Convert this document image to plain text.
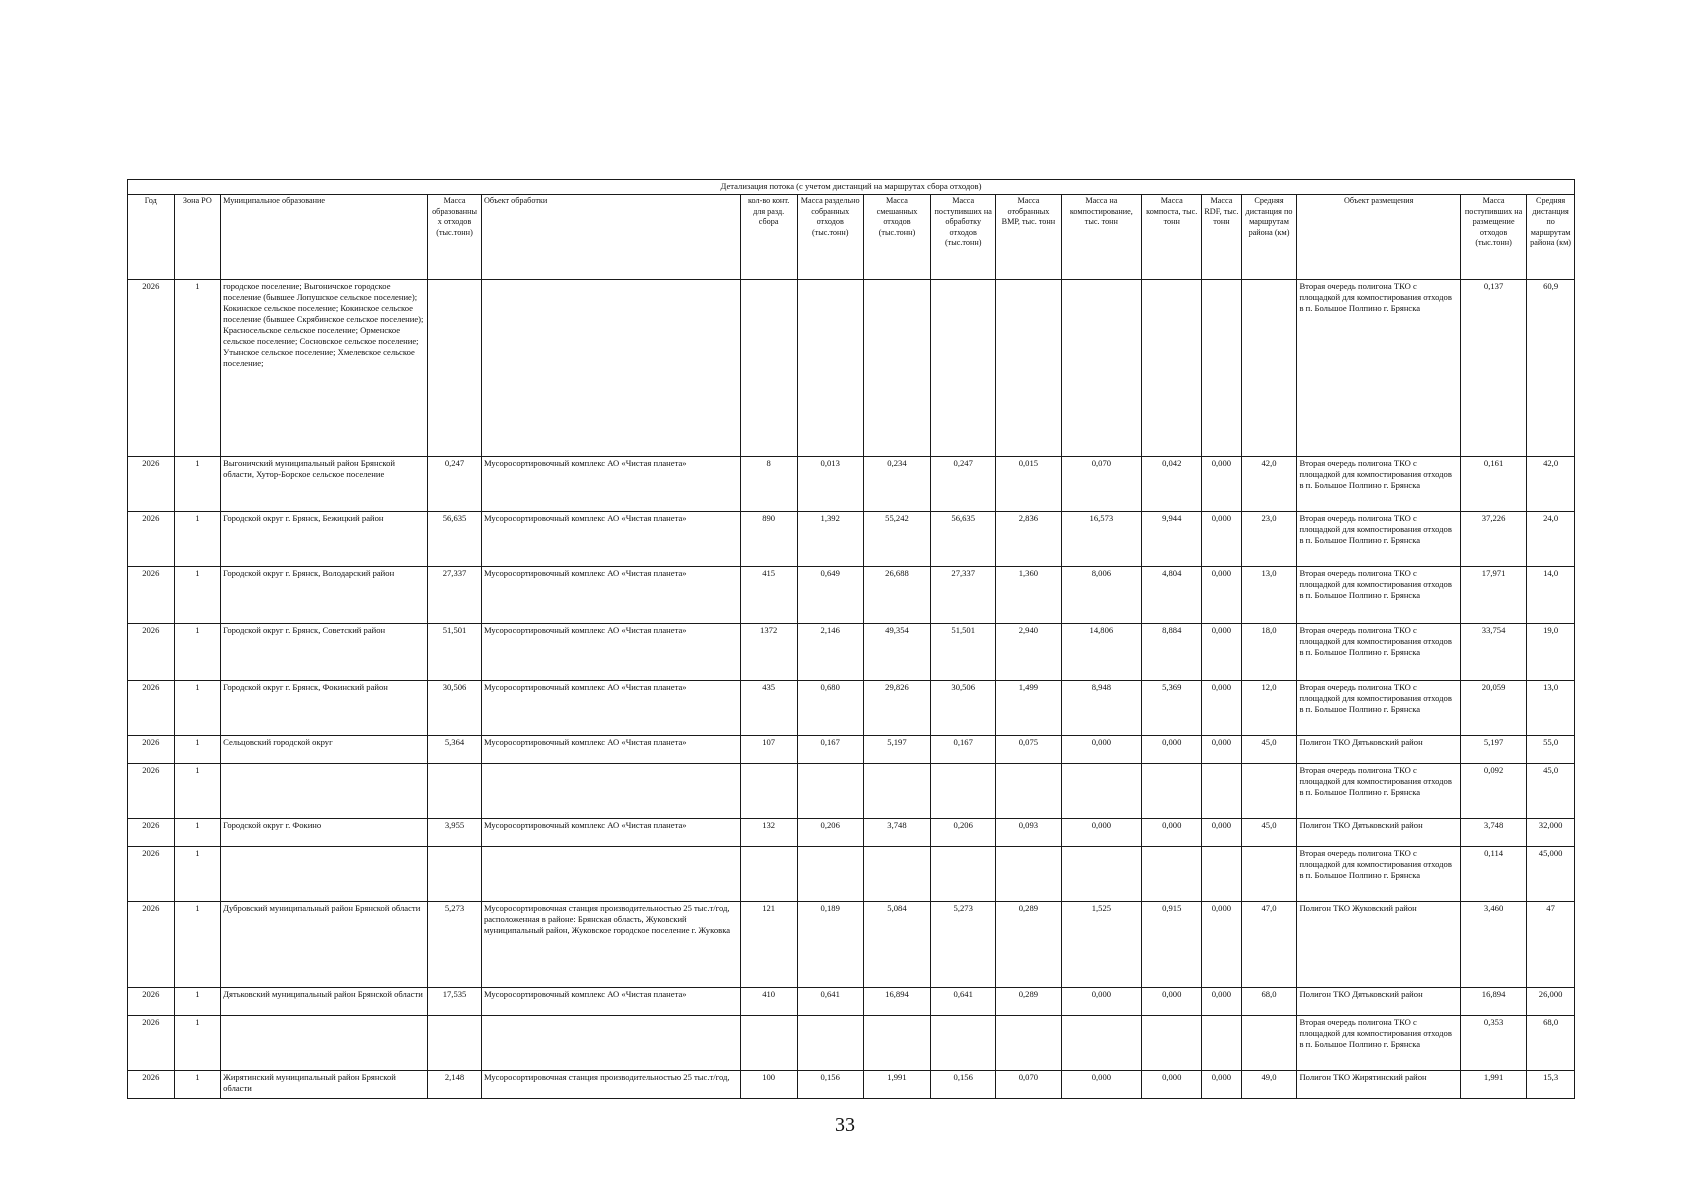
Детализация потока (с учетом дистанций на маршрутах сбора отходов)																
Год	Зона РО	Муниципальное образование	Масса образованных отходов (тыс.тонн)	Объект обработки	кол-во конт. для разд. сбора	Масса раздельно собранных отходов (тыс.тонн)	Масса смешанных отходов (тыс.тонн)	Масса поступивших на обработку отходов (тыс.тонн)	Масса отобранных ВМР, тыс. тонн	Масса на компостирование, тыс. тонн	Масса компоста, тыс. тонн	Масса RDF, тыс. тонн	Средняя дистанция по маршрутам района (км)	Объект размещения	Масса поступивших на размещение отходов (тыс.тонн)	Средняя дистанция по маршрутам района (км)
2026	1	городское поселение; Выгоничское городское поселение (бывшее Лопушское сельское поселение); Кокинское сельское поселение; Кокинское сельское поселение (бывшее Скрябинское сельское поселение); Красносельское сельское поселение; Орменское сельское поселение; Сосновское сельское поселение; Утынское сельское поселение; Хмелевское сельское поселение;												Вторая очередь полигона ТКО с площадкой для компостирования отходов в п. Большое Полпино г. Брянска	0,137	60,9
2026	1	Выгоничский муниципальный район Брянской области, Хутор-Борское сельское поселение	0,247	Мусоросортировочный комплекс АО «Чистая планета»	8	0,013	0,234	0,247	0,015	0,070	0,042	0,000	42,0	Вторая очередь полигона ТКО с площадкой для компостирования отходов в п. Большое Полпино г. Брянска	0,161	42,0
2026	1	Городской округ г. Брянск, Бежицкий район	56,635	Мусоросортировочный комплекс АО «Чистая планета»	890	1,392	55,242	56,635	2,836	16,573	9,944	0,000	23,0	Вторая очередь полигона ТКО с площадкой для компостирования отходов в п. Большое Полпино г. Брянска	37,226	24,0
2026	1	Городской округ г. Брянск, Володарский район	27,337	Мусоросортировочный комплекс АО «Чистая планета»	415	0,649	26,688	27,337	1,360	8,006	4,804	0,000	13,0	Вторая очередь полигона ТКО с площадкой для компостирования отходов в п. Большое Полпино г. Брянска	17,971	14,0
2026	1	Городской округ г. Брянск, Советский район	51,501	Мусоросортировочный комплекс АО «Чистая планета»	1372	2,146	49,354	51,501	2,940	14,806	8,884	0,000	18,0	Вторая очередь полигона ТКО с площадкой для компостирования отходов в п. Большое Полпино г. Брянска	33,754	19,0
2026	1	Городской округ г. Брянск, Фокинский район	30,506	Мусоросортировочный комплекс АО «Чистая планета»	435	0,680	29,826	30,506	1,499	8,948	5,369	0,000	12,0	Вторая очередь полигона ТКО с площадкой для компостирования отходов в п. Большое Полпино г. Брянска	20,059	13,0
2026	1	Сельцовский городской округ	5,364	Мусоросортировочный комплекс АО «Чистая планета»	107	0,167	5,197	0,167	0,075	0,000	0,000	0,000	45,0	Полигон ТКО Дятьковский район	5,197	55,0
2026	1													Вторая очередь полигона ТКО с площадкой для компостирования отходов в п. Большое Полпино г. Брянска	0,092	45,0
2026	1	Городской округ г. Фокино	3,955	Мусоросортировочный комплекс АО «Чистая планета»	132	0,206	3,748	0,206	0,093	0,000	0,000	0,000	45,0	Полигон ТКО Дятьковский район	3,748	32,000
2026	1													Вторая очередь полигона ТКО с площадкой для компостирования отходов в п. Большое Полпино г. Брянска	0,114	45,000
2026	1	Дубровский муниципальный район Брянской области	5,273	Мусоросортировочная станция производительностью 25 тыс.т/год, расположенная в районе: Брянская область, Жуковский муниципальный район, Жуковское городское поселение г. Жуковка	121	0,189	5,084	5,273	0,289	1,525	0,915	0,000	47,0	Полигон ТКО Жуковский район	3,460	47
2026	1	Дятьковский муниципальный район Брянской области	17,535	Мусоросортировочный комплекс АО «Чистая планета»	410	0,641	16,894	0,641	0,289	0,000	0,000	0,000	68,0	Полигон ТКО Дятьковский район	16,894	26,000
2026	1													Вторая очередь полигона ТКО с площадкой для компостирования отходов в п. Большое Полпино г. Брянска	0,353	68,0
2026	1	Жирятинский муниципальный район Брянской области	2,148	Мусоросортировочная станция производительностью 25 тыс.т/год,	100	0,156	1,991	0,156	0,070	0,000	0,000	0,000	49,0	Полигон ТКО Жирятинский район	1,991	15,3
33
